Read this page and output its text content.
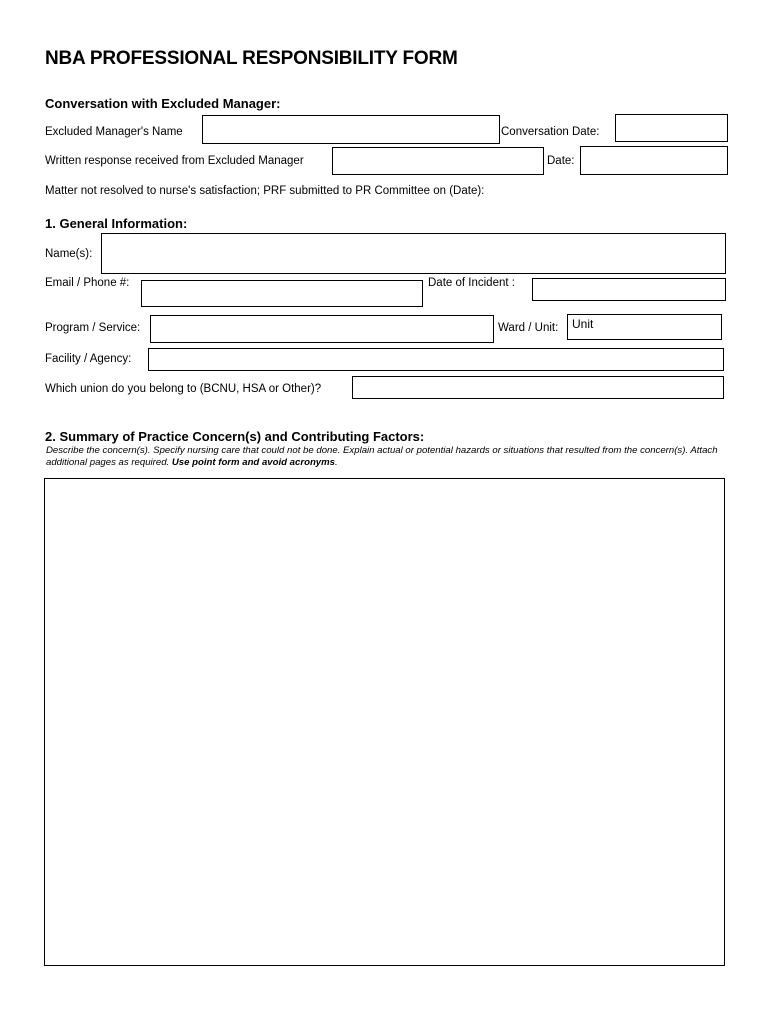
NBA PROFESSIONAL RESPONSIBILITY FORM
Conversation with Excluded Manager:
Excluded Manager's Name	Conversation Date:
Written response received from Excluded Manager	Date:
Matter not resolved to nurse's satisfaction; PRF submitted to PR Committee on (Date):
1. General Information:
Name(s):
Email / Phone #:	Date of Incident :
Program / Service:	Ward / Unit:
Unit
Facility / Agency:
Which union do you belong to (BCNU, HSA or Other)?
2. Summary of Practice Concern(s) and Contributing Factors:
Describe the concern(s). Specify nursing care that could not be done. Explain actual or potential hazards or situations that resulted from the concern(s). Attach additional pages as required. Use point form and avoid acronyms.
